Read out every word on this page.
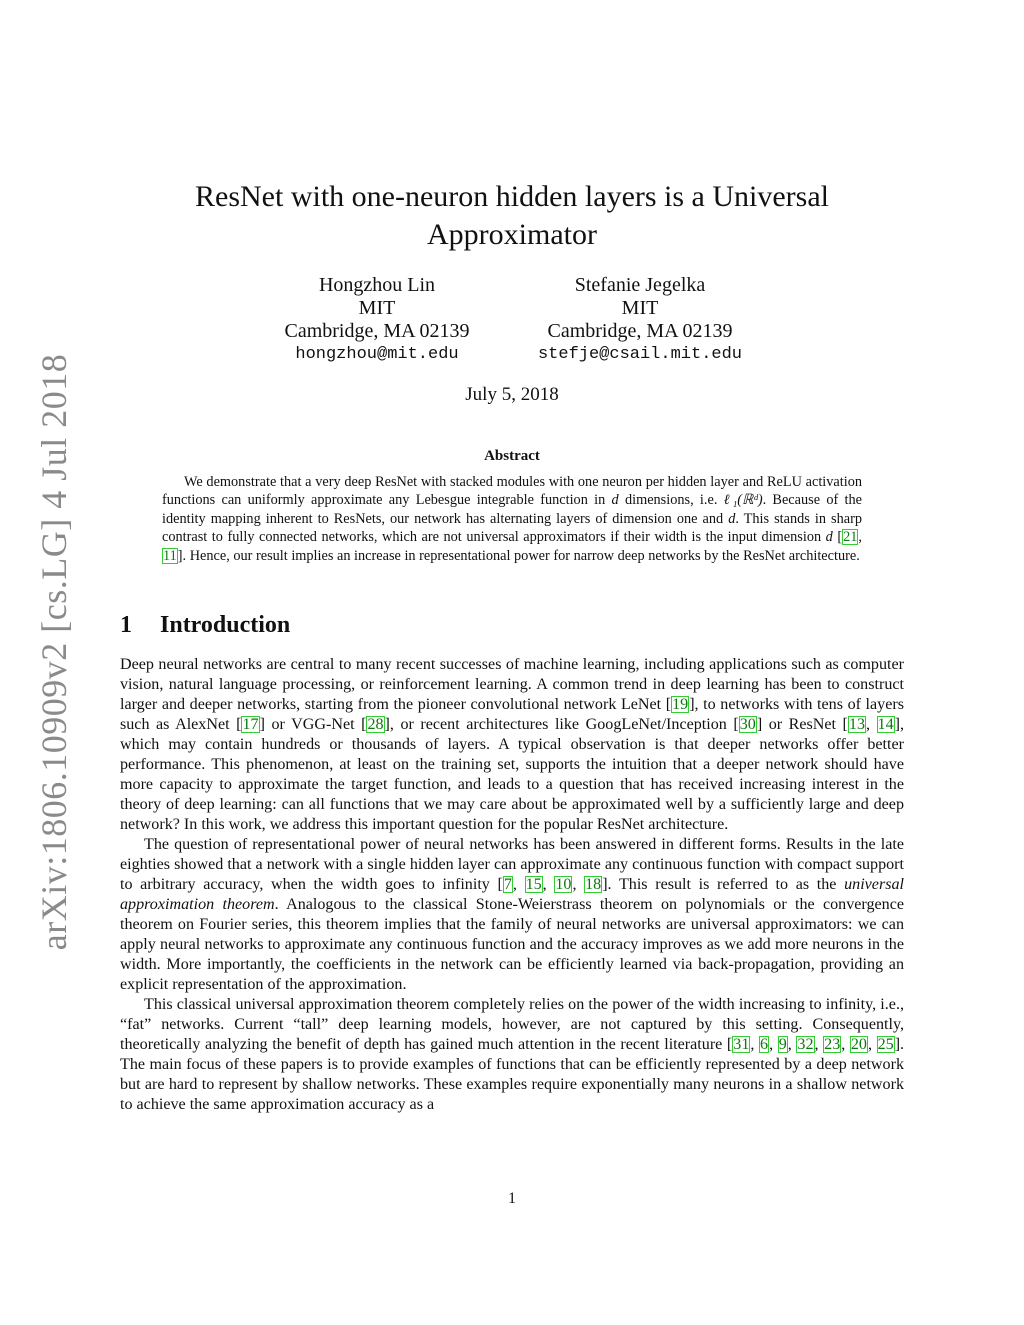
arXiv:1806.10909v2 [cs.LG] 4 Jul 2018
ResNet with one-neuron hidden layers is a Universal Approximator
Hongzhou Lin
MIT
Cambridge, MA 02139
hongzhou@mit.edu
Stefanie Jegelka
MIT
Cambridge, MA 02139
stefje@csail.mit.edu
July 5, 2018
Abstract

We demonstrate that a very deep ResNet with stacked modules with one neuron per hidden layer and ReLU activation functions can uniformly approximate any Lebesgue integrable function in d dimensions, i.e. ℓ₁(ℝᵈ). Because of the identity mapping inherent to ResNets, our network has alternating layers of dimension one and d. This stands in sharp contrast to fully connected networks, which are not universal approximators if their width is the input dimension d [21, 11]. Hence, our result implies an increase in representational power for narrow deep networks by the ResNet architecture.

1 Introduction

Deep neural networks are central to many recent successes of machine learning, including applications such as computer vision, natural language processing, or reinforcement learning. A common trend in deep learning has been to construct larger and deeper networks, starting from the pioneer convolutional network LeNet [19], to networks with tens of layers such as AlexNet [17] or VGG-Net [28], or recent architectures like GoogLeNet/Inception [30] or ResNet [13, 14], which may contain hundreds or thousands of layers. A typical observation is that deeper networks offer better performance. This phenomenon, at least on the training set, supports the intuition that a deeper network should have more capacity to approximate the target function, and leads to a question that has received increasing interest in the theory of deep learning: can all functions that we may care about be approximated well by a sufficiently large and deep network? In this work, we address this important question for the popular ResNet architecture.

The question of representational power of neural networks has been answered in different forms. Results in the late eighties showed that a network with a single hidden layer can approximate any continuous function with compact support to arbitrary accuracy, when the width goes to infinity [7, 15, 10, 18]. This result is referred to as the universal approximation theorem. Analogous to the classical Stone-Weierstrass theorem on polynomials or the convergence theorem on Fourier series, this theorem implies that the family of neural networks are universal approximators: we can apply neural networks to approximate any continuous function and the accuracy improves as we add more neurons in the width. More importantly, the coefficients in the network can be efficiently learned via back-propagation, providing an explicit representation of the approximation.

This classical universal approximation theorem completely relies on the power of the width increasing to infinity, i.e., “fat” networks. Current “tall” deep learning models, however, are not captured by this setting. Consequently, theoretically analyzing the benefit of depth has gained much attention in the recent literature [31, 6, 9, 32, 23, 20, 25]. The main focus of these papers is to provide examples of functions that can be efficiently represented by a deep network but are hard to represent by shallow networks. These examples require exponentially many neurons in a shallow network to achieve the same approximation accuracy as a

1
